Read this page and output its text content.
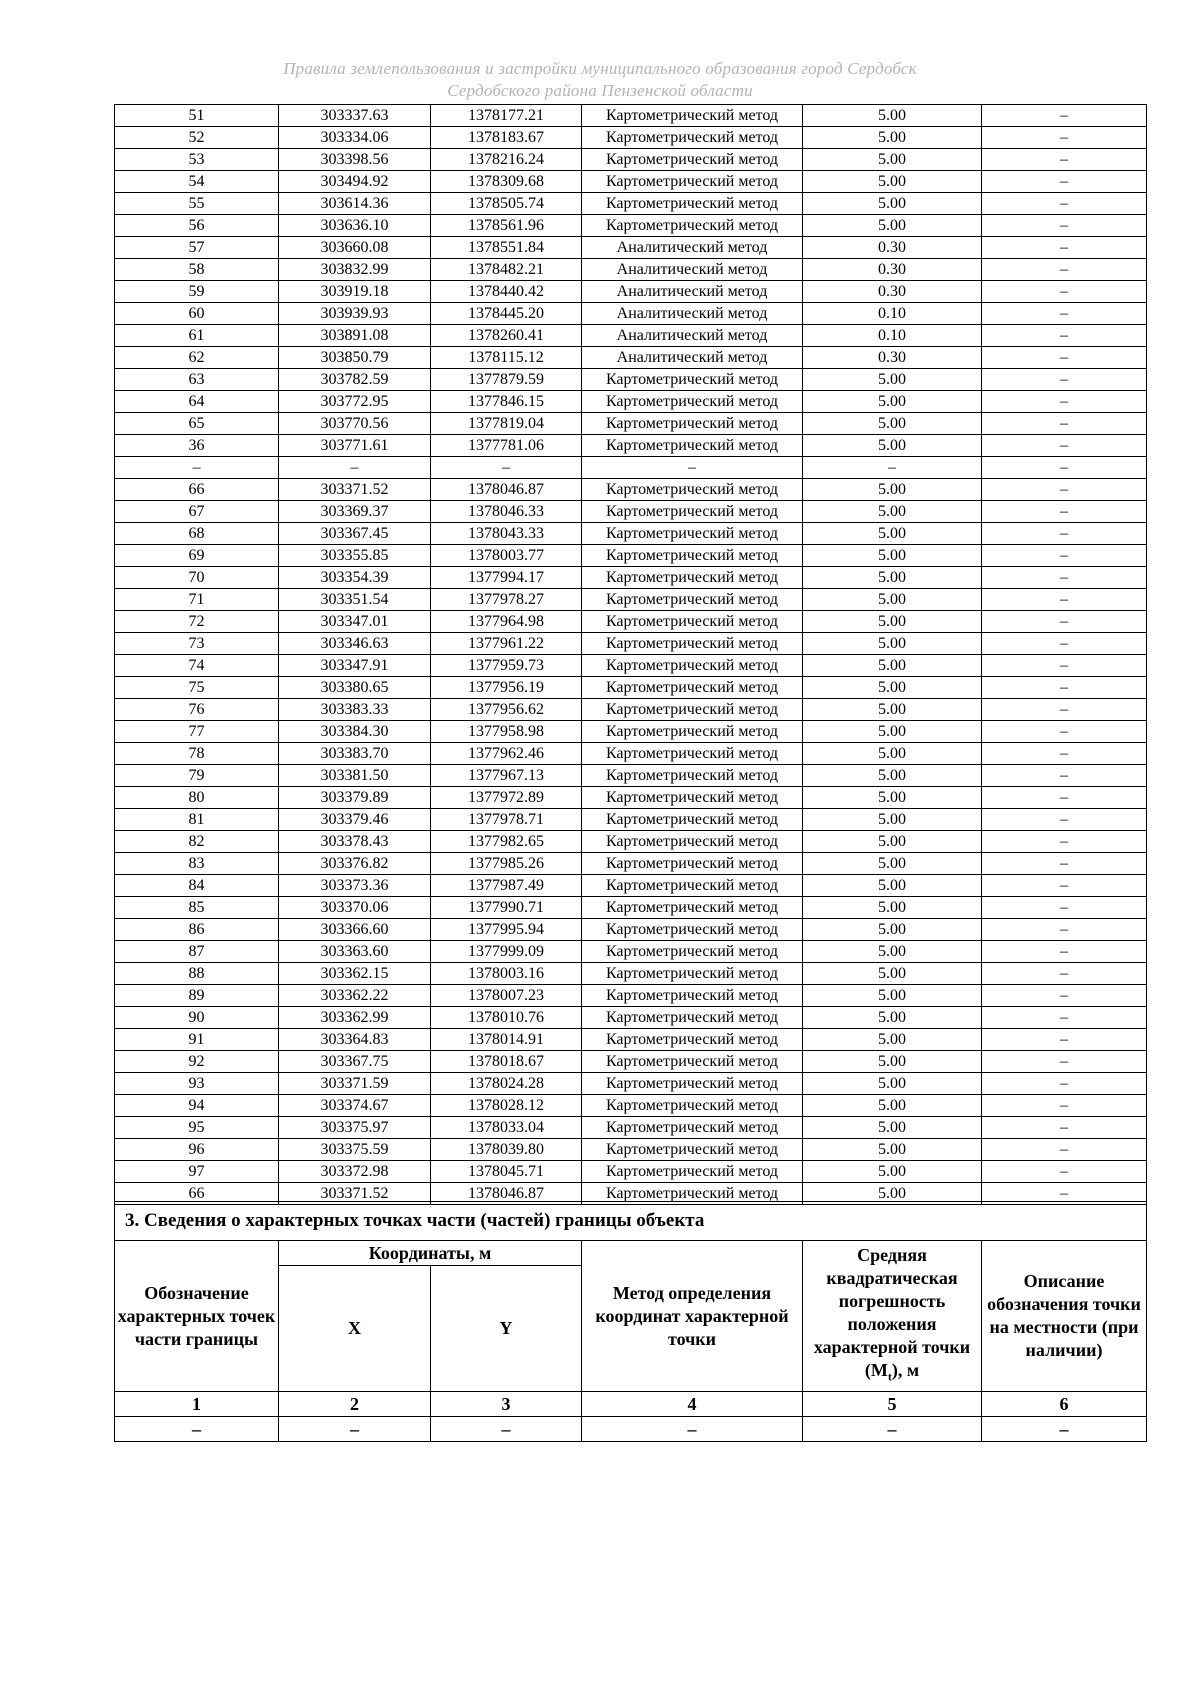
Правила землепользования и застройки муниципального образования город Сердобск
Сердобского района Пензенской области
51	303337.63	1378177.21	Картометрический метод	5.00	–
52	303334.06	1378183.67	Картометрический метод	5.00	–
53	303398.56	1378216.24	Картометрический метод	5.00	–
54	303494.92	1378309.68	Картометрический метод	5.00	–
55	303614.36	1378505.74	Картометрический метод	5.00	–
56	303636.10	1378561.96	Картометрический метод	5.00	–
57	303660.08	1378551.84	Аналитический метод	0.30	–
58	303832.99	1378482.21	Аналитический метод	0.30	–
59	303919.18	1378440.42	Аналитический метод	0.30	–
60	303939.93	1378445.20	Аналитический метод	0.10	–
61	303891.08	1378260.41	Аналитический метод	0.10	–
62	303850.79	1378115.12	Аналитический метод	0.30	–
63	303782.59	1377879.59	Картометрический метод	5.00	–
64	303772.95	1377846.15	Картометрический метод	5.00	–
65	303770.56	1377819.04	Картометрический метод	5.00	–
36	303771.61	1377781.06	Картометрический метод	5.00	–
–	–	–	–	–	–
66	303371.52	1378046.87	Картометрический метод	5.00	–
67	303369.37	1378046.33	Картометрический метод	5.00	–
68	303367.45	1378043.33	Картометрический метод	5.00	–
69	303355.85	1378003.77	Картометрический метод	5.00	–
70	303354.39	1377994.17	Картометрический метод	5.00	–
71	303351.54	1377978.27	Картометрический метод	5.00	–
72	303347.01	1377964.98	Картометрический метод	5.00	–
73	303346.63	1377961.22	Картометрический метод	5.00	–
74	303347.91	1377959.73	Картометрический метод	5.00	–
75	303380.65	1377956.19	Картометрический метод	5.00	–
76	303383.33	1377956.62	Картометрический метод	5.00	–
77	303384.30	1377958.98	Картометрический метод	5.00	–
78	303383.70	1377962.46	Картометрический метод	5.00	–
79	303381.50	1377967.13	Картометрический метод	5.00	–
80	303379.89	1377972.89	Картометрический метод	5.00	–
81	303379.46	1377978.71	Картометрический метод	5.00	–
82	303378.43	1377982.65	Картометрический метод	5.00	–
83	303376.82	1377985.26	Картометрический метод	5.00	–
84	303373.36	1377987.49	Картометрический метод	5.00	–
85	303370.06	1377990.71	Картометрический метод	5.00	–
86	303366.60	1377995.94	Картометрический метод	5.00	–
87	303363.60	1377999.09	Картометрический метод	5.00	–
88	303362.15	1378003.16	Картометрический метод	5.00	–
89	303362.22	1378007.23	Картометрический метод	5.00	–
90	303362.99	1378010.76	Картометрический метод	5.00	–
91	303364.83	1378014.91	Картометрический метод	5.00	–
92	303367.75	1378018.67	Картометрический метод	5.00	–
93	303371.59	1378024.28	Картометрический метод	5.00	–
94	303374.67	1378028.12	Картометрический метод	5.00	–
95	303375.97	1378033.04	Картометрический метод	5.00	–
96	303375.59	1378039.80	Картометрический метод	5.00	–
97	303372.98	1378045.71	Картометрический метод	5.00	–
66	303371.52	1378046.87	Картометрический метод	5.00	–
3. Сведения о характерных точках части (частей) границы объекта					
Обозначение характерных точек части границы	Координаты, м		Метод определения координат характерной точки	Средняя квадратическая погрешность положения характерной точки $(M_t)$, м	Описание обозначения точки на местности (при наличии)
	X	Y			
1	2	3	4	5	6
–	–	–	–	–	–
